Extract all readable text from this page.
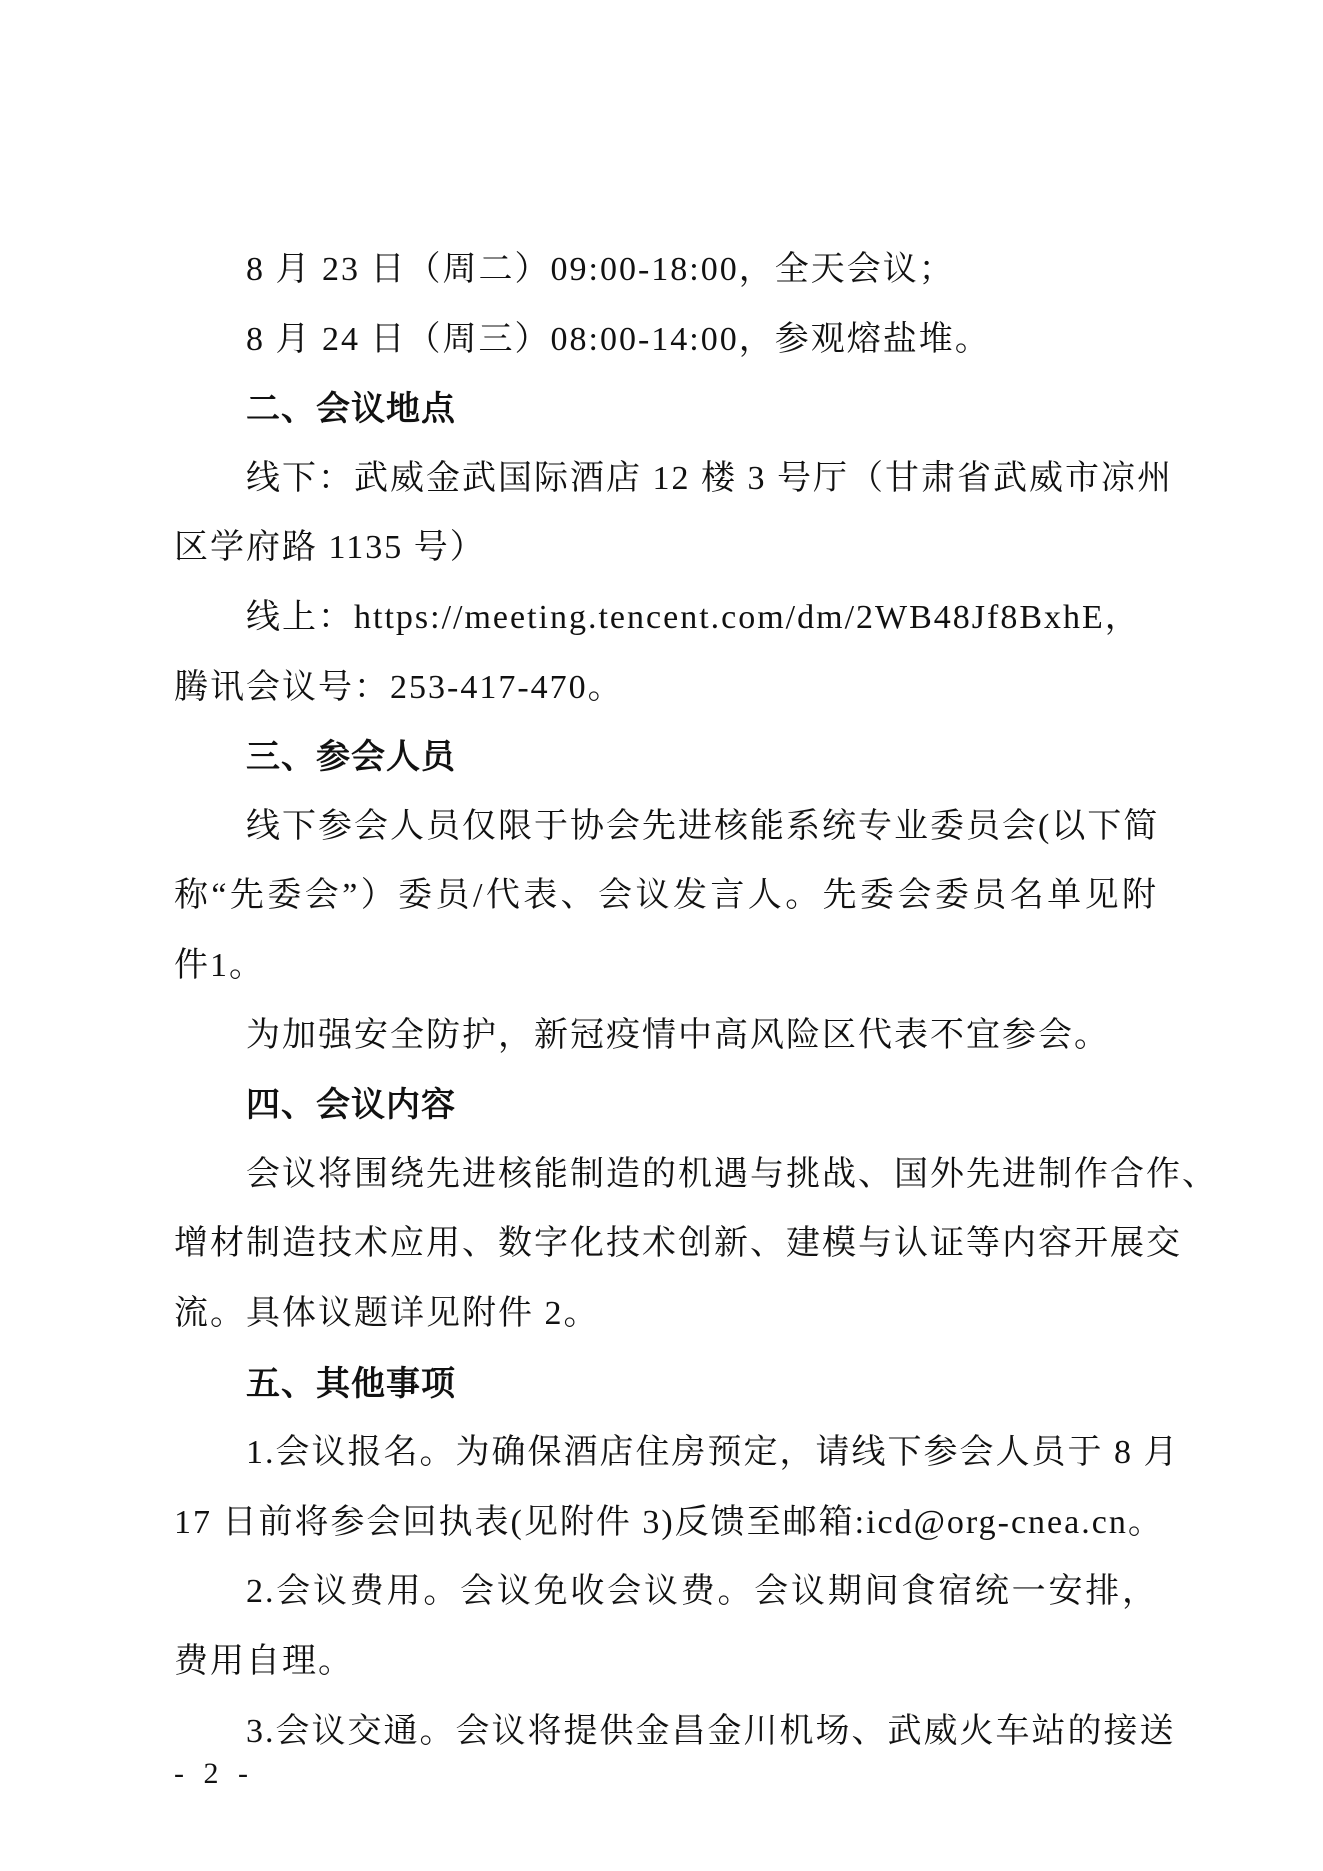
8 月 23 日（周二）09:00-18:00，全天会议；
8 月 24 日（周三）08:00-14:00，参观熔盐堆。
二、会议地点
线下：武威金武国际酒店 12 楼 3 号厅（甘肃省武威市凉州
区学府路 1135 号）
线上：https://meeting.tencent.com/dm/2WB48Jf8BxhE，
腾讯会议号：253-417-470。
三、参会人员
线下参会人员仅限于协会先进核能系统专业委员会(以下简
称“先委会”）委员/代表、会议发言人。先委会委员名单见附
件1。
为加强安全防护，新冠疫情中高风险区代表不宜参会。
四、会议内容
会议将围绕先进核能制造的机遇与挑战、国外先进制作合作、
增材制造技术应用、数字化技术创新、建模与认证等内容开展交
流。具体议题详见附件 2。
五、其他事项
1.会议报名。为确保酒店住房预定，请线下参会人员于 8 月
17 日前将参会回执表(见附件 3)反馈至邮箱:icd@org-cnea.cn。
2.会议费用。会议免收会议费。会议期间食宿统一安排，
费用自理。
3.会议交通。会议将提供金昌金川机场、武威火车站的接送
- 2 -
